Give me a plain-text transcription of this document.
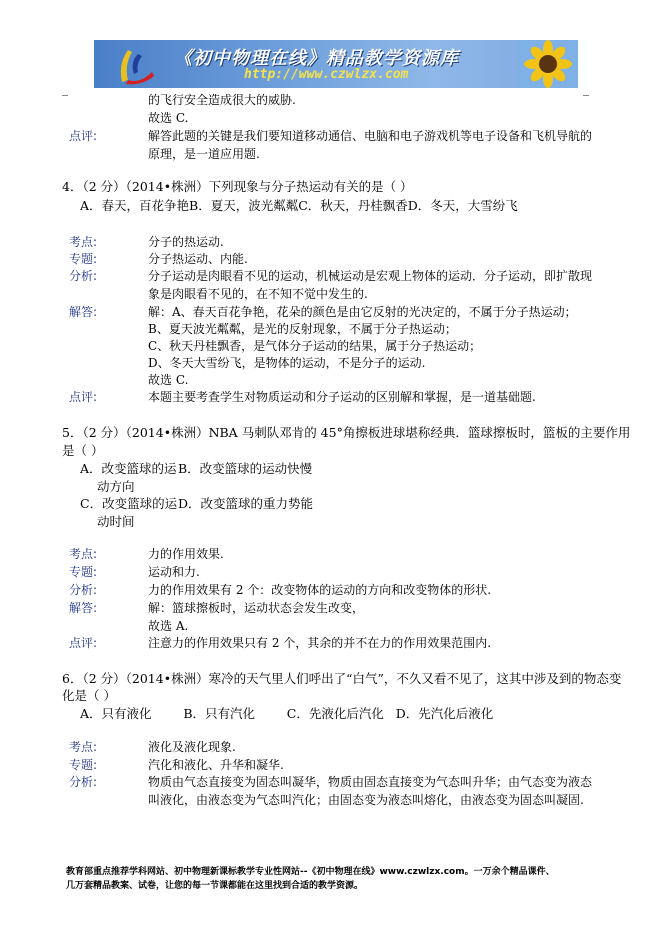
_	_
《初中物理在线》精品教学资源库
http://www.czwlzx.com
的飞行安全造成很大的威胁.
故选 C.
点评:	解答此题的关键是我们要知道移动通信、电脑和电子游戏机等电子设备和飞机导航的
原理，是一道应用题.
4．（2 分）（2014•株洲）下列现象与分子热运动有关的是（ ）
A．春天，百花争艳B．夏天，波光粼粼C．秋天，丹桂飘香D．冬天，大雪纷飞
考点:	分子的热运动.
专题:	分子热运动、内能.
分析:	分子运动是肉眼看不见的运动，机械运动是宏观上物体的运动．分子运动，即扩散现
象是肉眼看不见的，在不知不觉中发生的.
解答:	解：A、春天百花争艳，花朵的颜色是由它反射的光决定的，不属于分子热运动；
B、夏天波光粼粼，是光的反射现象，不属于分子热运动；
C、秋天丹桂飘香，是气体分子运动的结果，属于分子热运动；
D、冬天大雪纷飞，是物体的运动，不是分子的运动.
故选 C.
点评:	本题主要考查学生对物质运动和分子运动的区别解和掌握，是一道基础题.
5．（2 分）（2014•株洲）NBA 马刺队邓肯的 45°角擦板进球堪称经典．篮球擦板时，篮板的主要作用
是（ ）
A．改变篮球的运 B．改变篮球的运动快慢
动方向
C．改变篮球的运 D．改变篮球的重力势能
动时间
考点:	力的作用效果.
专题:	运动和力.
分析:	力的作用效果有 2 个：改变物体的运动的方向和改变物体的形状.
解答:	解：篮球擦板时，运动状态会发生改变，
故选 A.
点评:	注意力的作用效果只有 2 个，其余的并不在力的作用效果范围内.
6．（2 分）（2014•株洲）寒冷的天气里人们呼出了“白气”，不久又看不见了，这其中涉及到的物态变
化是（ ）
A．只有液化        B．只有汽化        C．先液化后汽化   D．先汽化后液化
考点:	液化及液化现象.
专题:	汽化和液化、升华和凝华.
分析:	物质由气态直接变为固态叫凝华，物质由固态直接变为气态叫升华；由气态变为液态
叫液化，由液态变为气态叫汽化；由固态变为液态叫熔化，由液态变为固态叫凝固.
教育部重点推荐学科网站、初中物理新课标教学专业性网站--《初中物理在线》www.czwlzx.com。一万余个精品课件、
几万套精品教案、试卷，让您的每一节课都能在这里找到合适的教学资源。
